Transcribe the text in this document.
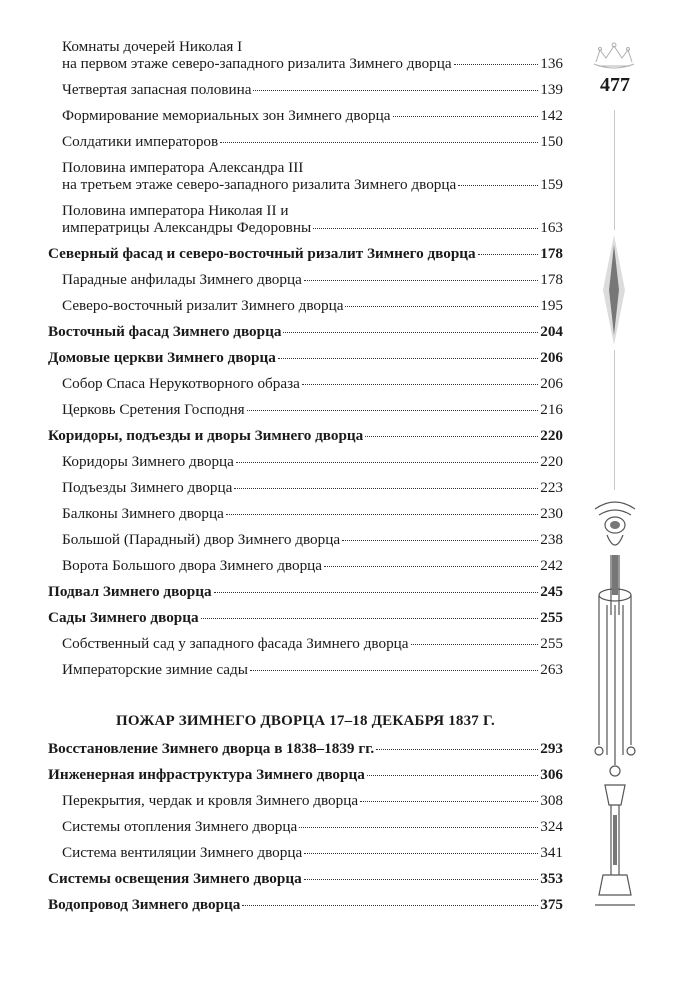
Комнаты дочерей Николая I
на первом этаже северо-западного ризалита Зимнего дворца	136
Четвертая запасная половина	139
Формирование мемориальных зон Зимнего дворца	142
Солдатики императоров	150
Половина императора Александра III
на третьем этаже северо-западного ризалита Зимнего дворца	159
Половина императора Николая II и
императрицы Александры Федоровны	163
Северный фасад и северо-восточный ризалит Зимнего дворца	178
Парадные анфилады Зимнего дворца	178
Северо-восточный ризалит Зимнего дворца	195
Восточный фасад Зимнего дворца	204
Домовые церкви Зимнего дворца	206
Собор Спаса Нерукотворного образа	206
Церковь Сретения Господня	216
Коридоры, подъезды и дворы Зимнего дворца	220
Коридоры Зимнего дворца	220
Подъезды Зимнего дворца	223
Балконы Зимнего дворца	230
Большой (Парадный) двор Зимнего дворца	238
Ворота Большого двора Зимнего дворца	242
Подвал Зимнего дворца	245
Сады Зимнего дворца	255
Собственный сад у западного фасада Зимнего дворца	255
Императорские зимние сады	263
ПОЖАР ЗИМНЕГО ДВОРЦА 17–18 ДЕКАБРЯ 1837 Г.
Восстановление Зимнего дворца в 1838–1839 гг.	293
Инженерная инфраструктура Зимнего дворца	306
Перекрытия, чердак и кровля Зимнего дворца	308
Системы отопления Зимнего дворца	324
Система вентиляции Зимнего дворца	341
Системы освещения Зимнего дворца	353
Водопровод Зимнего дворца	375
477
